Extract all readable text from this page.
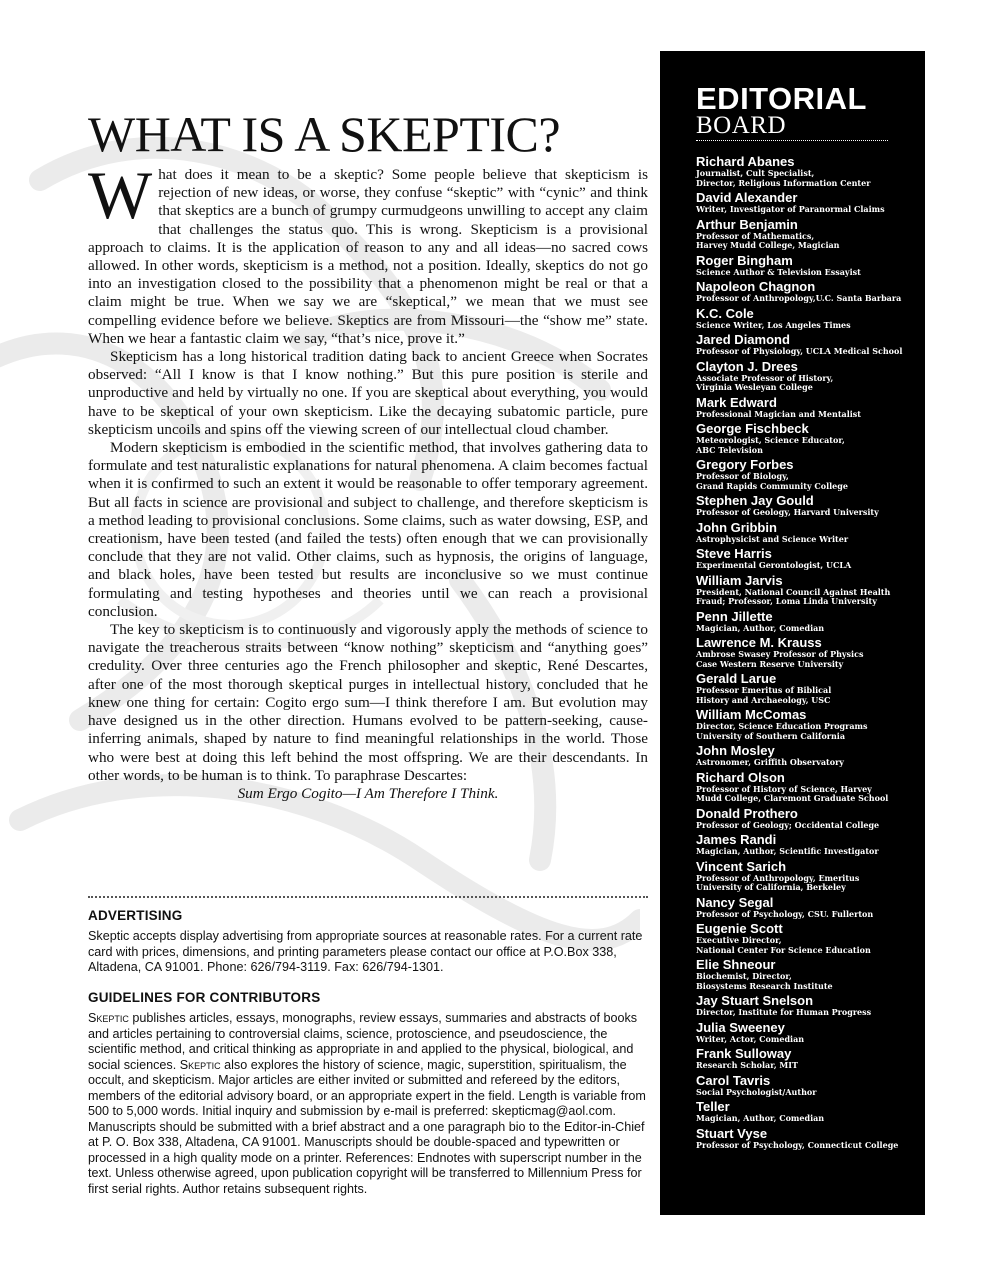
WHAT IS A SKEPTIC?

What does it mean to be a skeptic? Some people believe that skepticism is rejection of new ideas, or worse, they confuse “skeptic” with “cynic” and think that skeptics are a bunch of grumpy curmudgeons unwilling to accept any claim that challenges the status quo. This is wrong. Skepticism is a provisional approach to claims. It is the application of reason to any and all ideas—no sacred cows allowed. In other words, skepticism is a method, not a position. Ideally, skeptics do not go into an investigation closed to the possibility that a phenomenon might be real or that a claim might be true. When we say we are “skeptical,” we mean that we must see compelling evidence before we believe. Skeptics are from Missouri—the “show me” state. When we hear a fantastic claim we say, “that’s nice, prove it.”

Skepticism has a long historical tradition dating back to ancient Greece when Socrates observed: “All I know is that I know nothing.” But this pure position is sterile and unproductive and held by virtually no one. If you are skeptical about everything, you would have to be skeptical of your own skepticism. Like the decaying subatomic particle, pure skepticism uncoils and spins off the viewing screen of our intellectual cloud chamber.

Modern skepticism is embodied in the scientific method, that involves gathering data to formulate and test naturalistic explanations for natural phenomena. A claim becomes factual when it is confirmed to such an extent it would be reasonable to offer temporary agreement. But all facts in science are provisional and subject to challenge, and therefore skepticism is a method leading to provisional conclusions. Some claims, such as water dowsing, ESP, and creationism, have been tested (and failed the tests) often enough that we can provisionally conclude that they are not valid. Other claims, such as hypnosis, the origins of language, and black holes, have been tested but results are inconclusive so we must continue formulating and testing hypotheses and theories until we can reach a provisional conclusion.

The key to skepticism is to continuously and vigorously apply the methods of science to navigate the treacherous straits between “know nothing” skepticism and “anything goes” credulity. Over three centuries ago the French philosopher and skeptic, René Descartes, after one of the most thorough skeptical purges in intellectual history, concluded that he knew one thing for certain: Cogito ergo sum—I think therefore I am. But evolution may have designed us in the other direction. Humans evolved to be pattern-seeking, cause-inferring animals, shaped by nature to find meaningful relationships in the world. Those who were best at doing this left behind the most offspring. We are their descendants. In other words, to be human is to think. To paraphrase Descartes:

Sum Ergo Cogito—I Am Therefore I Think.
ADVERTISING

Skeptic accepts display advertising from appropriate sources at reasonable rates. For a current rate card with prices, dimensions, and printing parameters please contact our office at P.O.Box 338, Altadena, CA 91001. Phone: 626/794-3119. Fax: 626/794-1301.

GUIDELINES FOR CONTRIBUTORS

Skeptic publishes articles, essays, monographs, review essays, summaries and abstracts of books and articles pertaining to controversial claims, science, protoscience, and pseudoscience, the scientific method, and critical thinking as appropriate in and applied to the physical, biological, and social sciences. Skeptic also explores the history of science, magic, superstition, spiritualism, the occult, and skepticism. Major articles are either invited or submitted and refereed by the editors, members of the editorial advisory board, or an appropriate expert in the field. Length is variable from 500 to 5,000 words. Initial inquiry and submission by e-mail is preferred: skepticmag@aol.com. Manuscripts should be submitted with a brief abstract and a one paragraph bio to the Editor-in-Chief at P. O. Box 338, Altadena, CA 91001. Manuscripts should be double-spaced and typewritten or processed in a high quality mode on a printer. References: Endnotes with superscript number in the text. Unless otherwise agreed, upon publication copyright will be transferred to Millennium Press for first serial rights. Author retains subsequent rights.

EDITORIAL
BOARD
Richard Abanes
Journalist, Cult Specialist,
Director, Religious Information Center
David Alexander
Writer, Investigator of Paranormal Claims
Arthur Benjamin
Professor of Mathematics,
Harvey Mudd College, Magician
Roger Bingham
Science Author & Television Essayist
Napoleon Chagnon
Professor of Anthropology,U.C. Santa Barbara
K.C. Cole
Science Writer, Los Angeles Times
Jared Diamond
Professor of Physiology, UCLA Medical School
Clayton J. Drees
Associate Professor of History,
Virginia Wesleyan College
Mark Edward
Professional Magician and Mentalist
George Fischbeck
Meteorologist, Science Educator,
ABC Television
Gregory Forbes
Professor of Biology,
Grand Rapids Community College
Stephen Jay Gould
Professor of Geology, Harvard University
John Gribbin
Astrophysicist and Science Writer
Steve Harris
Experimental Gerontologist, UCLA
William Jarvis
President, National Council Against Health
Fraud; Professor, Loma Linda University
Penn Jillette
Magician, Author, Comedian
Lawrence M. Krauss
Ambrose Swasey Professor of Physics
Case Western Reserve University
Gerald Larue
Professor Emeritus of Biblical
History and Archaeology, USC
William McComas
Director, Science Education Programs
University of Southern California
John Mosley
Astronomer, Griffith Observatory
Richard Olson
Professor of History of Science, Harvey
Mudd College, Claremont Graduate School
Donald Prothero
Professor of Geology; Occidental College
James Randi
Magician, Author, Scientific Investigator
Vincent Sarich
Professor of Anthropology, Emeritus
University of California, Berkeley
Nancy Segal
Professor of Psychology, CSU. Fullerton
Eugenie Scott
Executive Director,
National Center For Science Education
Elie Shneour
Biochemist, Director,
Biosystems Research Institute
Jay Stuart Snelson
Director, Institute for Human Progress
Julia Sweeney
Writer, Actor, Comedian
Frank Sulloway
Research Scholar, MIT
Carol Tavris
Social Psychologist/Author
Teller
Magician, Author, Comedian
Stuart Vyse
Professor of Psychology, Connecticut College
